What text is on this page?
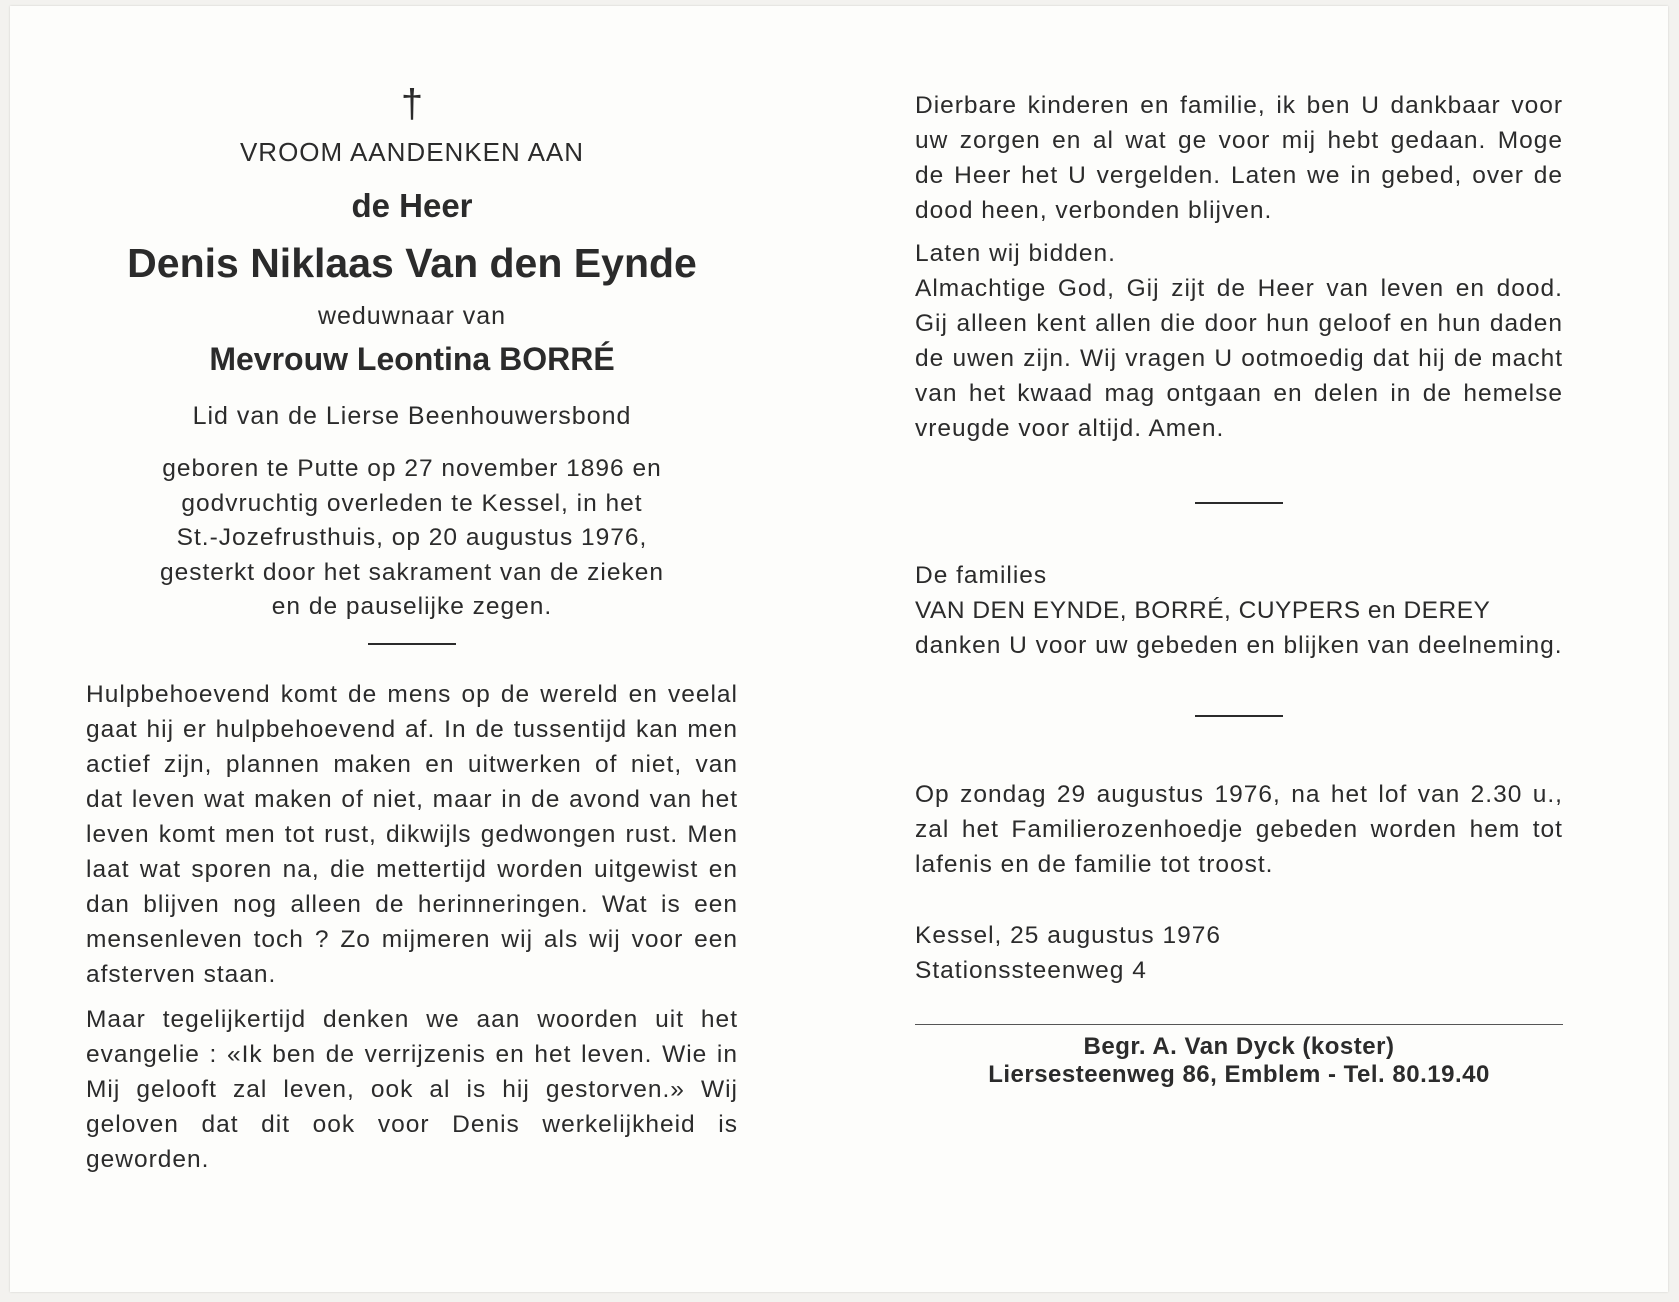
†
VROOM AANDENKEN AAN
de Heer
Denis Niklaas Van den Eynde
weduwnaar van
Mevrouw Leontina BORRÉ
Lid van de Lierse Beenhouwersbond
geboren te Putte op 27 november 1896 en
godvruchtig overleden te Kessel, in het
St.-Jozefrusthuis, op 20 augustus 1976,
gesterkt door het sakrament van de zieken
en de pauselijke zegen.

Hulpbehoevend komt de mens op de wereld en veelal gaat hij er hulpbehoevend af. In de tussentijd kan men actief zijn, plannen maken en uitwerken of niet, van dat leven wat maken of niet, maar in de avond van het leven komt men tot rust, dikwijls gedwongen rust. Men laat wat sporen na, die mettertijd worden uitgewist en dan blijven nog alleen de herinneringen. Wat is een mensenleven toch ? Zo mijmeren wij als wij voor een afsterven staan.

Maar tegelijkertijd denken we aan woorden uit het evangelie : «Ik ben de verrijzenis en het leven. Wie in Mij gelooft zal leven, ook al is hij gestorven.» Wij geloven dat dit ook voor Denis werkelijkheid is geworden.

Dierbare kinderen en familie, ik ben U dankbaar voor uw zorgen en al wat ge voor mij hebt gedaan. Moge de Heer het U vergelden. Laten we in gebed, over de dood heen, verbonden blijven.

Laten wij bidden.

Almachtige God, Gij zijt de Heer van leven en dood. Gij alleen kent allen die door hun geloof en hun daden de uwen zijn. Wij vragen U ootmoedig dat hij de macht van het kwaad mag ontgaan en delen in de hemelse vreugde voor altijd. Amen.

De families
VAN DEN EYNDE, BORRÉ, CUYPERS en DEREY

danken U voor uw gebeden en blijken van deelneming.

Op zondag 29 augustus 1976, na het lof van 2.30 u., zal het Familierozenhoedje gebeden worden hem tot lafenis en de familie tot troost.

Kessel, 25 augustus 1976
Stationssteenweg 4
Begr. A. Van Dyck (koster)
Liersesteenweg 86, Emblem - Tel. 80.19.40
